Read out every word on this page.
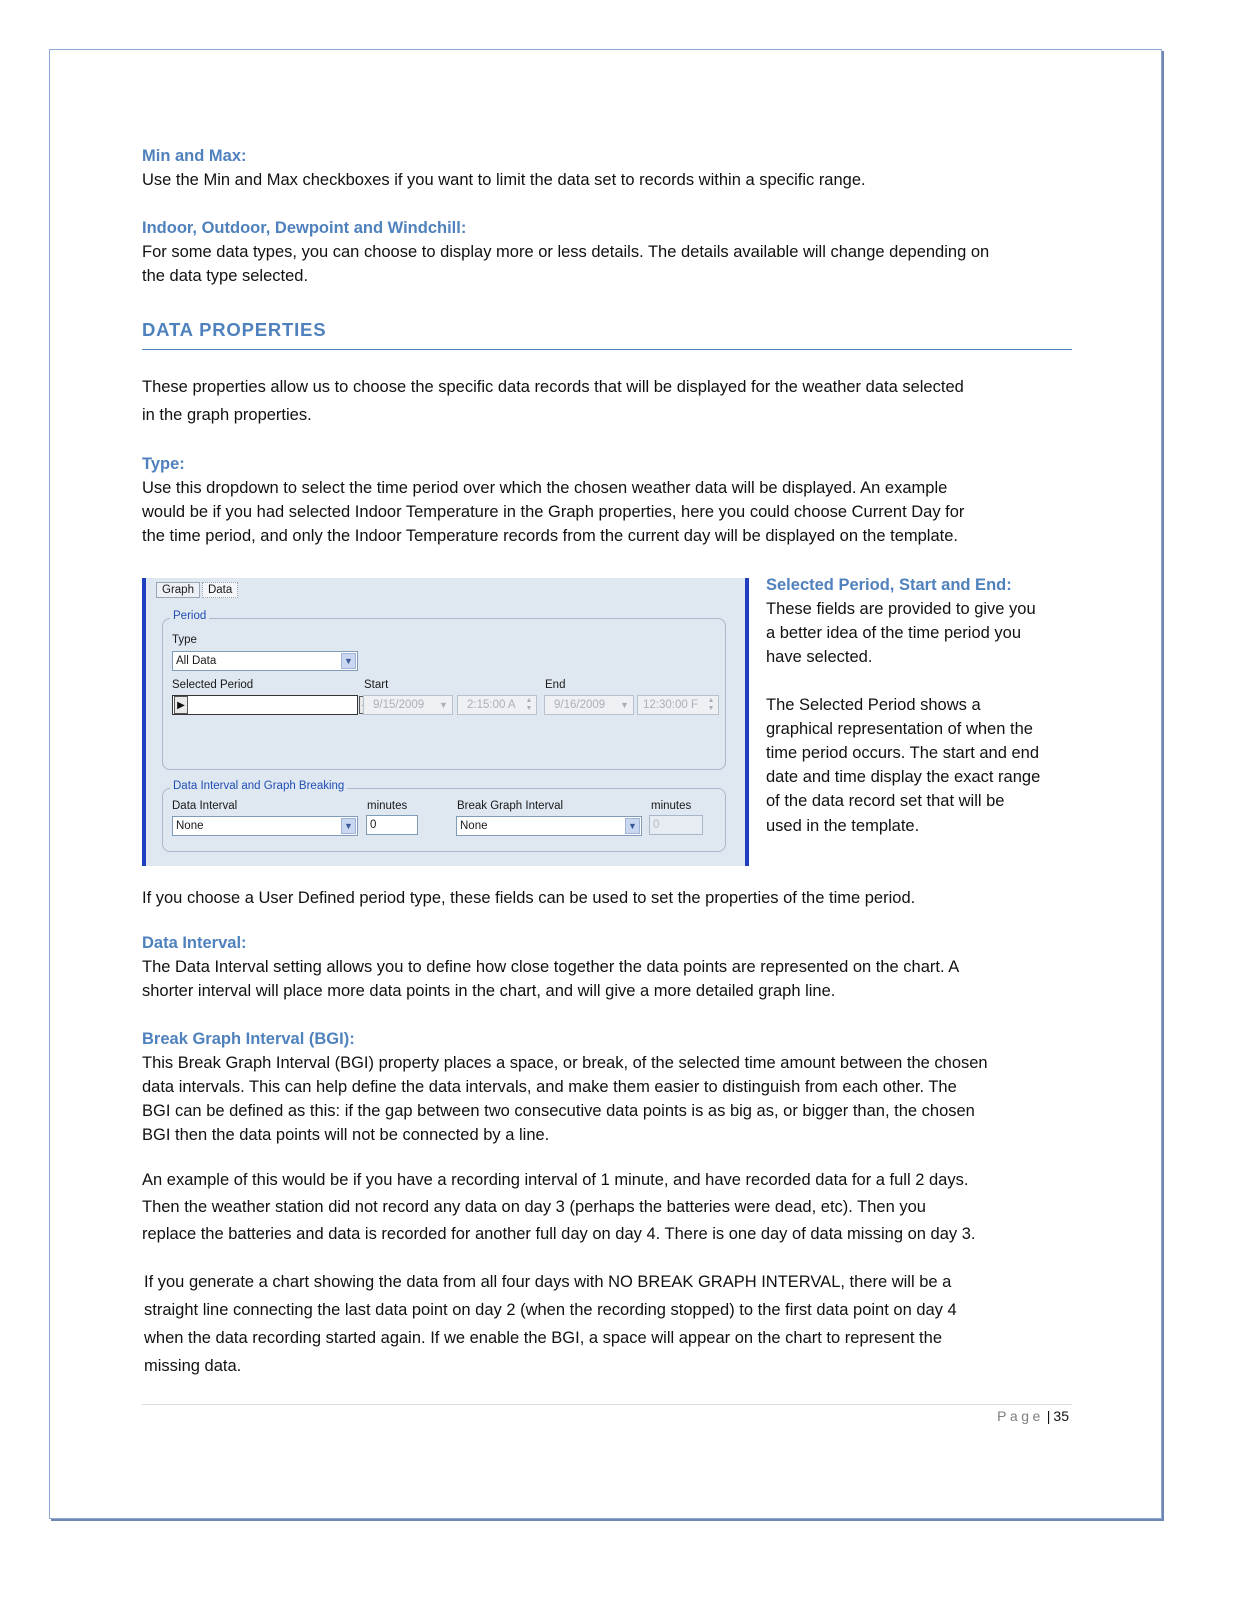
Min and Max:
Use the Min and Max checkboxes if you want to limit the data set to records within a specific range.
Indoor, Outdoor, Dewpoint and Windchill:
For some data types, you can choose to display more or less details. The details available will change depending on
the data type selected.
DATA PROPERTIES
These properties allow us to choose the specific data records that will be displayed for the weather data selected
in the graph properties.
Type:
Use this dropdown to select the time period over which the chosen weather data will be displayed. An example
would be if you had selected Indoor Temperature in the Graph properties, here you could choose Current Day for
the time period, and only the Indoor Temperature records from the current day will be displayed on the template.
Graph Data
Period
Type
All Data	▼
Selected Period	Start	End
▶	9/15/2009	▼	2:15:00 A ▲
▼	9/16/2009	▼	12:30:00 F ▲
▼
Data Interval and Graph Breaking
Data Interval	minutes	Break Graph Interval	minutes
None	▼	0	None	▼	0
Selected Period, Start and End:
These fields are provided to give you
a better idea of the time period you
have selected.
The Selected Period shows a
graphical representation of when the
time period occurs. The start and end
date and time display the exact range
of the data record set that will be
used in the template.
If you choose a User Defined period type, these fields can be used to set the properties of the time period.
Data Interval:
The Data Interval setting allows you to define how close together the data points are represented on the chart. A
shorter interval will place more data points in the chart, and will give a more detailed graph line.
Break Graph Interval (BGI):
This Break Graph Interval (BGI) property places a space, or break, of the selected time amount between the chosen
data intervals. This can help define the data intervals, and make them easier to distinguish from each other. The
BGI can be defined as this: if the gap between two consecutive data points is as big as, or bigger than, the chosen
BGI then the data points will not be connected by a line.
An example of this would be if you have a recording interval of 1 minute, and have recorded data for a full 2 days.
Then the weather station did not record any data on day 3 (perhaps the batteries were dead, etc). Then you
replace the batteries and data is recorded for another full day on day 4. There is one day of data missing on day 3.
If you generate a chart showing the data from all four days with NO BREAK GRAPH INTERVAL, there will be a
straight line connecting the last data point on day 2 (when the recording stopped) to the first data point on day 4
when the data recording started again. If we enable the BGI, a space will appear on the chart to represent the
missing data.
Page | 35
